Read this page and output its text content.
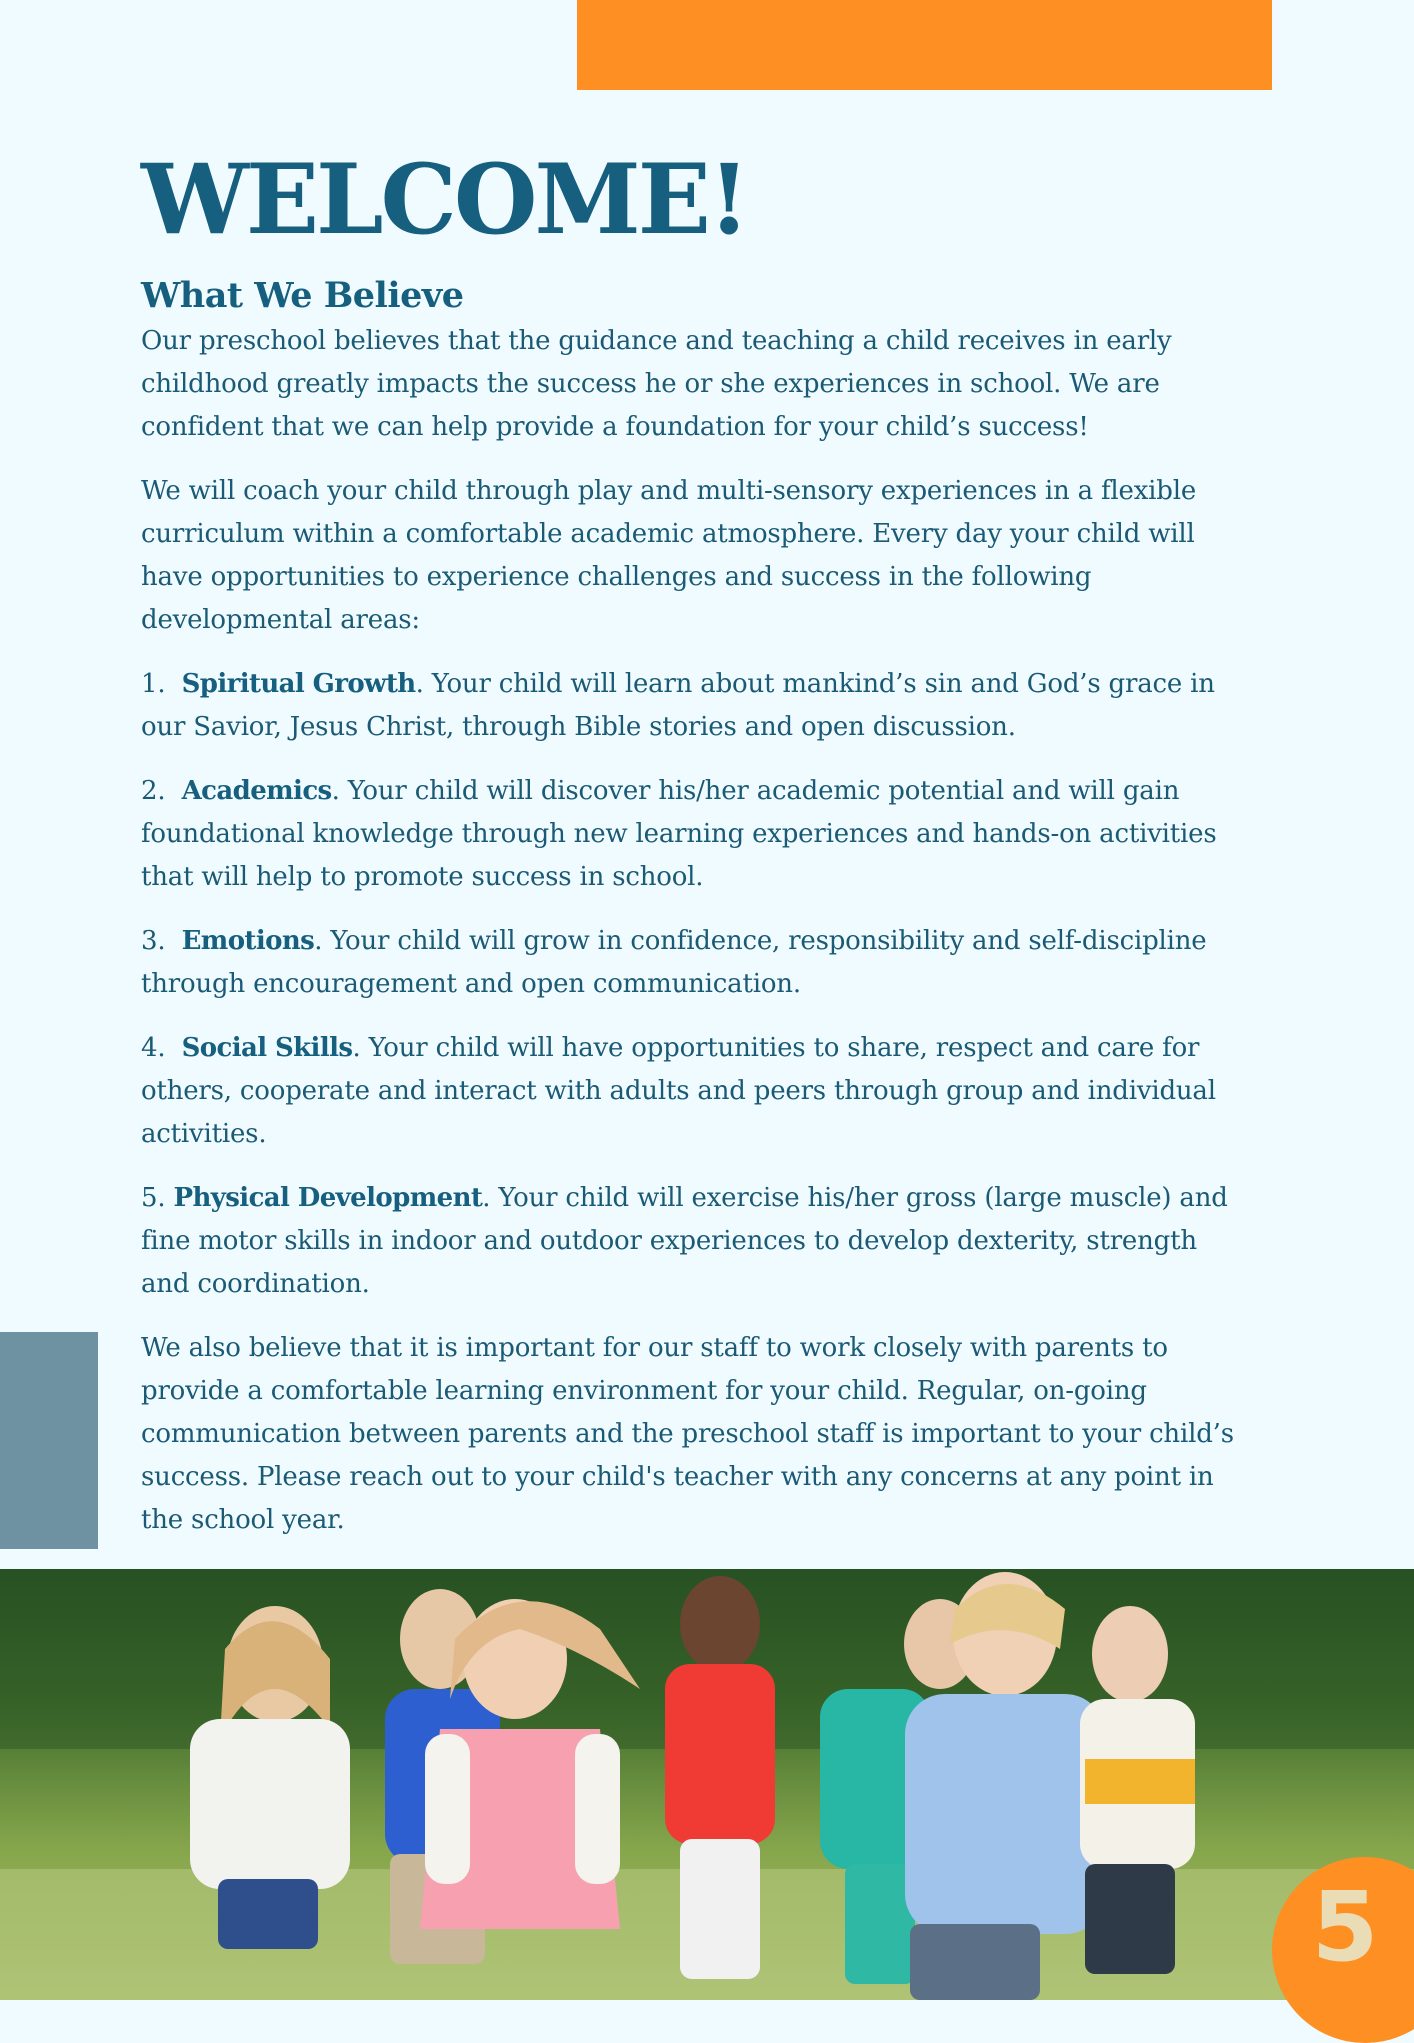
WELCOME!
What We Believe

Our preschool believes that the guidance and teaching a child receives in early childhood greatly impacts the success he or she experiences in school. We are confident that we can help provide a foundation for your child’s success!

We will coach your child through play and multi-sensory experiences in a flexible curriculum within a comfortable academic atmosphere. Every day your child will have opportunities to experience challenges and success in the following developmental areas:

1. Spiritual Growth. Your child will learn about mankind’s sin and God’s grace in our Savior, Jesus Christ, through Bible stories and open discussion.

2. Academics. Your child will discover his/her academic potential and will gain foundational knowledge through new learning experiences and hands-on activities that will help to promote success in school.

3. Emotions. Your child will grow in confidence, responsibility and self-discipline through encouragement and open communication.

4. Social Skills. Your child will have opportunities to share, respect and care for others, cooperate and interact with adults and peers through group and individual activities.

5. Physical Development. Your child will exercise his/her gross (large muscle) and fine motor skills in indoor and outdoor experiences to develop dexterity, strength and coordination.

We also believe that it is important for our staff to work closely with parents to provide a comfortable learning environment for your child. Regular, on-going communication between parents and the preschool staff is important to your child’s success. Please reach out to your child's teacher with any concerns at any point in the school year.

5
